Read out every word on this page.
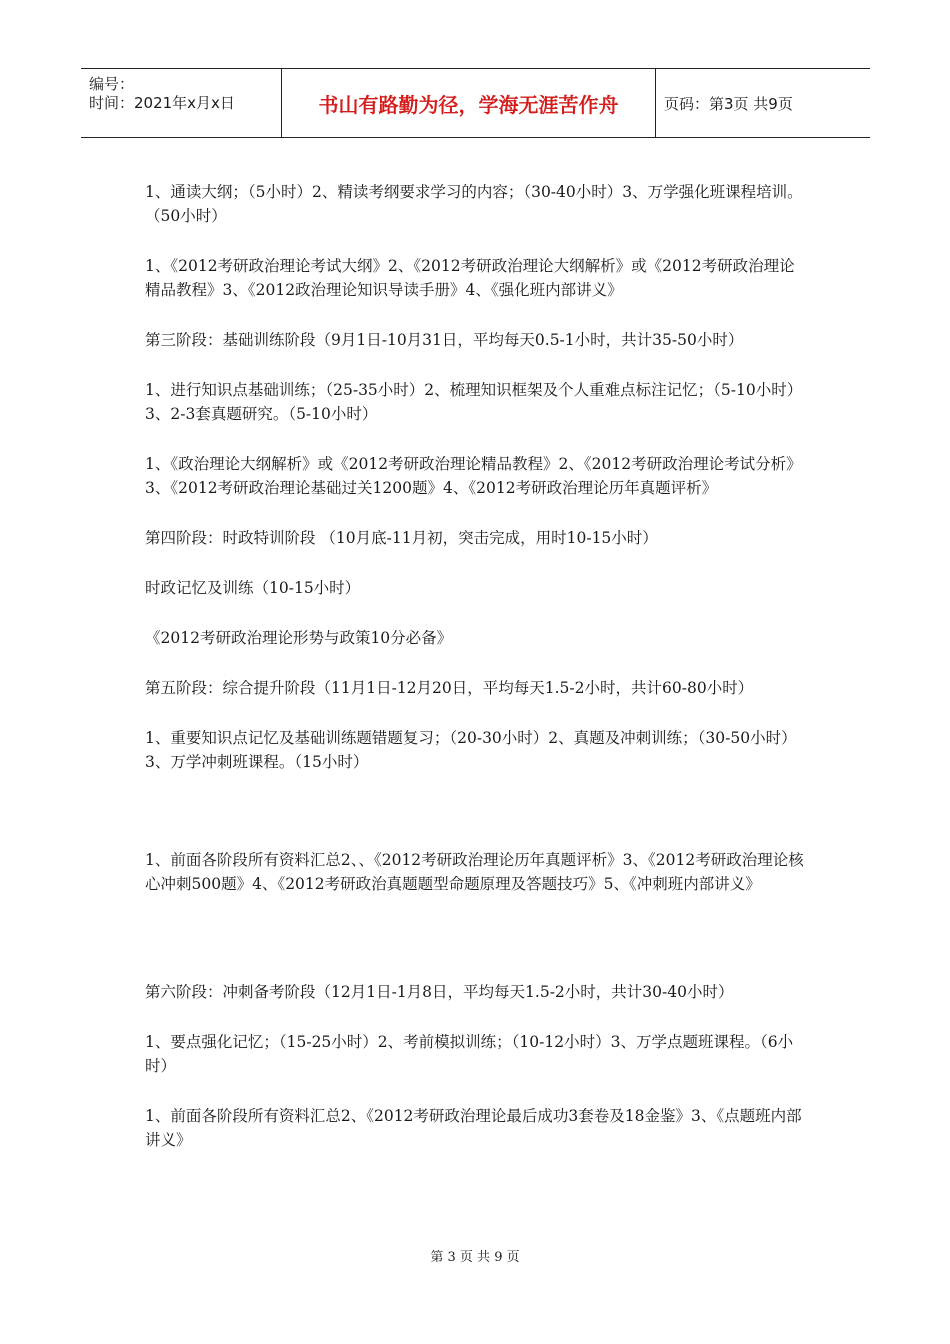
编号：
时间：2021年x月x日	书山有路勤为径，学海无涯苦作舟	页码：第3页 共9页

1、通读大纲；（5小时）2、精读考纲要求学习的内容；（30-40小时）3、万学强化班课程培训。（50小时）

1、《2012考研政治理论考试大纲》2、《2012考研政治理论大纲解析》或《2012考研政治理论精品教程》3、《2012政治理论知识导读手册》4、《强化班内部讲义》

第三阶段：基础训练阶段（9月1日-10月31日，平均每天0.5-1小时，共计35-50小时）

1、进行知识点基础训练；（25-35小时）2、梳理知识框架及个人重难点标注记忆；（5-10小时）3、2-3套真题研究。（5-10小时）

1、《政治理论大纲解析》或《2012考研政治理论精品教程》2、《2012考研政治理论考试分析》3、《2012考研政治理论基础过关1200题》4、《2012考研政治理论历年真题评析》

第四阶段：时政特训阶段 （10月底-11月初，突击完成，用时10-15小时）

时政记忆及训练（10-15小时）

《2012考研政治理论形势与政策10分必备》

第五阶段：综合提升阶段（11月1日-12月20日，平均每天1.5-2小时，共计60-80小时）

1、重要知识点记忆及基础训练题错题复习；（20-30小时）2、真题及冲刺训练；（30-50小时）3、万学冲刺班课程。（15小时）

1、前面各阶段所有资料汇总2、、《2012考研政治理论历年真题评析》3、《2012考研政治理论核心冲刺500题》4、《2012考研政治真题题型命题原理及答题技巧》5、《冲刺班内部讲义》

第六阶段：冲刺备考阶段（12月1日-1月8日，平均每天1.5-2小时，共计30-40小时）

1、要点强化记忆；（15-25小时）2、考前模拟训练；（10-12小时）3、万学点题班课程。（6小时）

1、前面各阶段所有资料汇总2、《2012考研政治理论最后成功3套卷及18金鉴》3、《点题班内部讲义》

第 3 页 共 9 页
